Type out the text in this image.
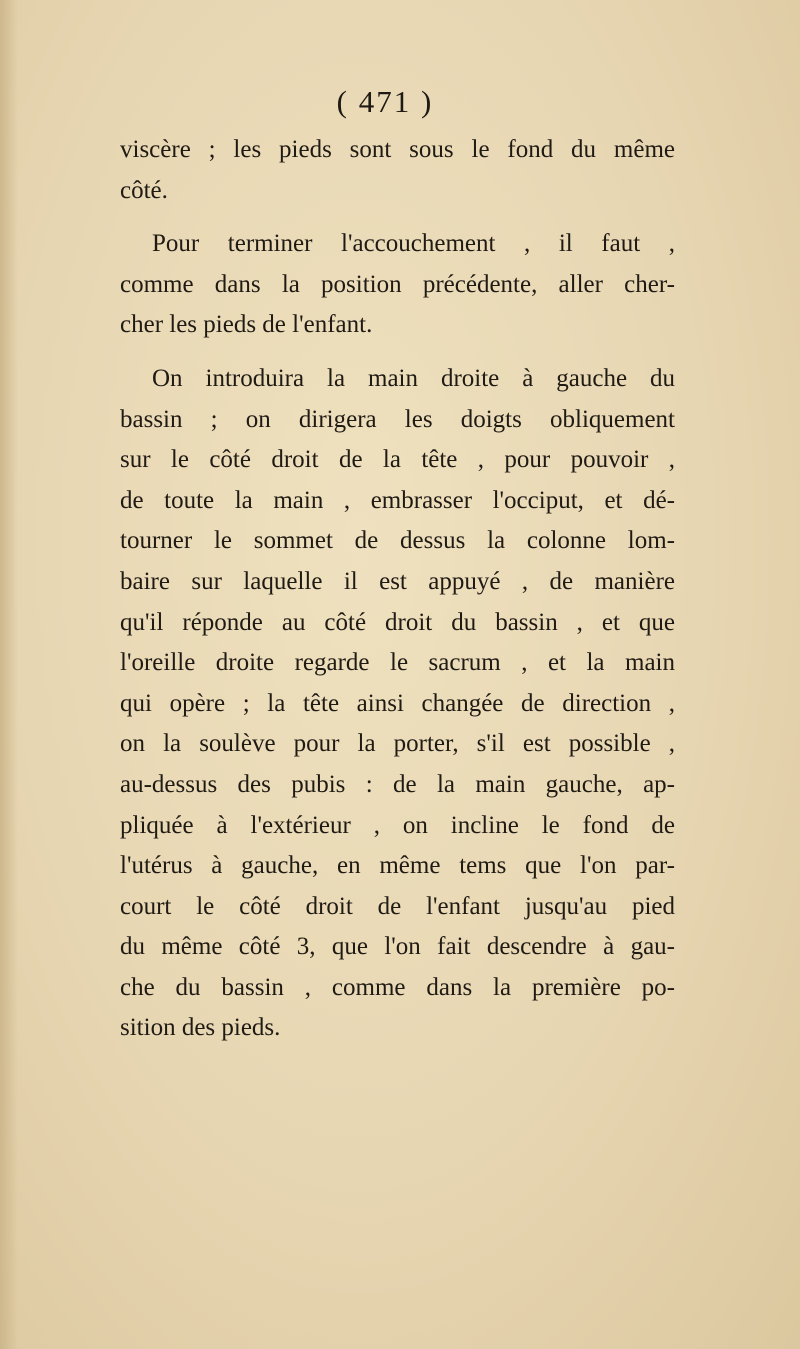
( 471 )

viscère ; les pieds sont sous le fond du même
côté.

Pour terminer l'accouchement , il faut ,
comme dans la position précédente, aller cher-
cher les pieds de l'enfant.

On introduira la main droite à gauche du
bassin ; on dirigera les doigts obliquement
sur le côté droit de la tête , pour pouvoir ,
de toute la main , embrasser l'occiput, et dé-
tourner le sommet de dessus la colonne lom-
baire sur laquelle il est appuyé , de manière
qu'il réponde au côté droit du bassin , et que
l'oreille droite regarde le sacrum , et la main
qui opère ; la tête ainsi changée de direction ,
on la soulève pour la porter, s'il est possible ,
au-dessus des pubis : de la main gauche, ap-
pliquée à l'extérieur , on incline le fond de
l'utérus à gauche, en même tems que l'on par-
court le côté droit de l'enfant jusqu'au pied
du même côté 3, que l'on fait descendre à gau-
che du bassin , comme dans la première po-
sition des pieds.
